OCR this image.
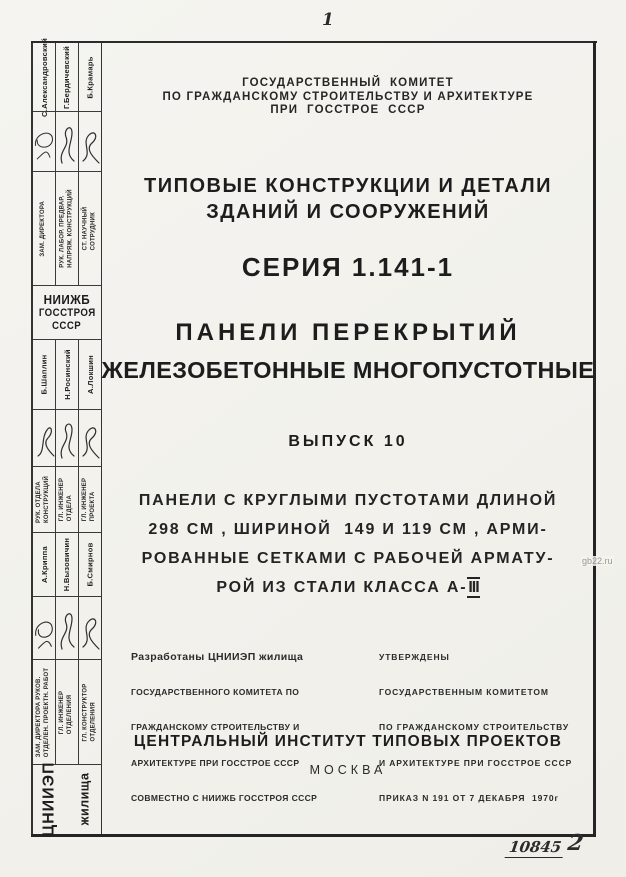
1
С.Александровский Г.Бердичевский Б.Крамарь
ЗАМ. ДИРЕКТОРА РУК. ЛАБОР. ПРЕДВАР. НАПРЯЖ. КОНСТРУКЦИЙ СТ. НАУЧНЫЙ СОТРУДНИК
НИИЖБ
ГОССТРОЯ
СССР
Б.Шаплин Н.Росинский А.Локшин
РУК. ОТДЕЛА КОНСТРУКЦИЙ ГЛ. ИНЖЕНЕР ОТДЕЛА ГЛ. ИНЖЕНЕР ПРОЕКТА
А.Криппа Н.Вызовичин Б.Смирнов
ЗАМ. ДИРЕКТОРА РУКОВ. ОТДЕЛЕН. ПРОЕКТН. РАБОТ ГЛ. ИНЖЕНЕР ОТДЕЛЕНИЯ ГЛ. КОНСТРУКТОР ОТДЕЛЕНИЯ
ЦНИИЭП жилища
ГОСУДАРСТВЕННЫЙ  КОМИТЕТ
ПО ГРАЖДАНСКОМУ СТРОИТЕЛЬСТВУ И АРХИТЕКТУРЕ
ПРИ  ГОССТРОЕ  СССР
ТИПОВЫЕ КОНСТРУКЦИИ И ДЕТАЛИ
ЗДАНИЙ И СООРУЖЕНИЙ
СЕРИЯ 1.141-1
ПАНЕЛИ ПЕРЕКРЫТИЙ
ЖЕЛЕЗОБЕТОННЫЕ МНОГОПУСТОТНЫЕ
ВЫПУСК 10
ПАНЕЛИ С КРУГЛЫМИ ПУСТОТАМИ ДЛИНОЙ
298 СМ , ШИРИНОЙ  149 И 119 СМ , АРМИ-
РОВАННЫЕ СЕТКАМИ С РАБОЧЕЙ АРМАТУ-
РОЙ ИЗ СТАЛИ КЛАССА А-III

Разработаны ЦНИИЭП жилища

ГОСУДАРСТВЕННОГО КОМИТЕТА ПО

ГРАЖДАНСКОМУ СТРОИТЕЛЬСТВУ И

АРХИТЕКТУРЕ ПРИ ГОССТРОЕ СССР

СОВМЕСТНО С НИИЖБ ГОССТРОЯ СССР

УТВЕРЖДЕНЫ

ГОСУДАРСТВЕННЫМ КОМИТЕТОМ

ПО ГРАЖДАНСКОМУ СТРОИТЕЛЬСТВУ

И АРХИТЕКТУРЕ ПРИ ГОССТРОЕ СССР

ПРИКАЗ N 191 ОТ 7 ДЕКАБРЯ  1970г

ЦЕНТРАЛЬНЫЙ ИНСТИТУТ ТИПОВЫХ ПРОЕКТОВ
МОСКВА
10845 2
gb22.ru
